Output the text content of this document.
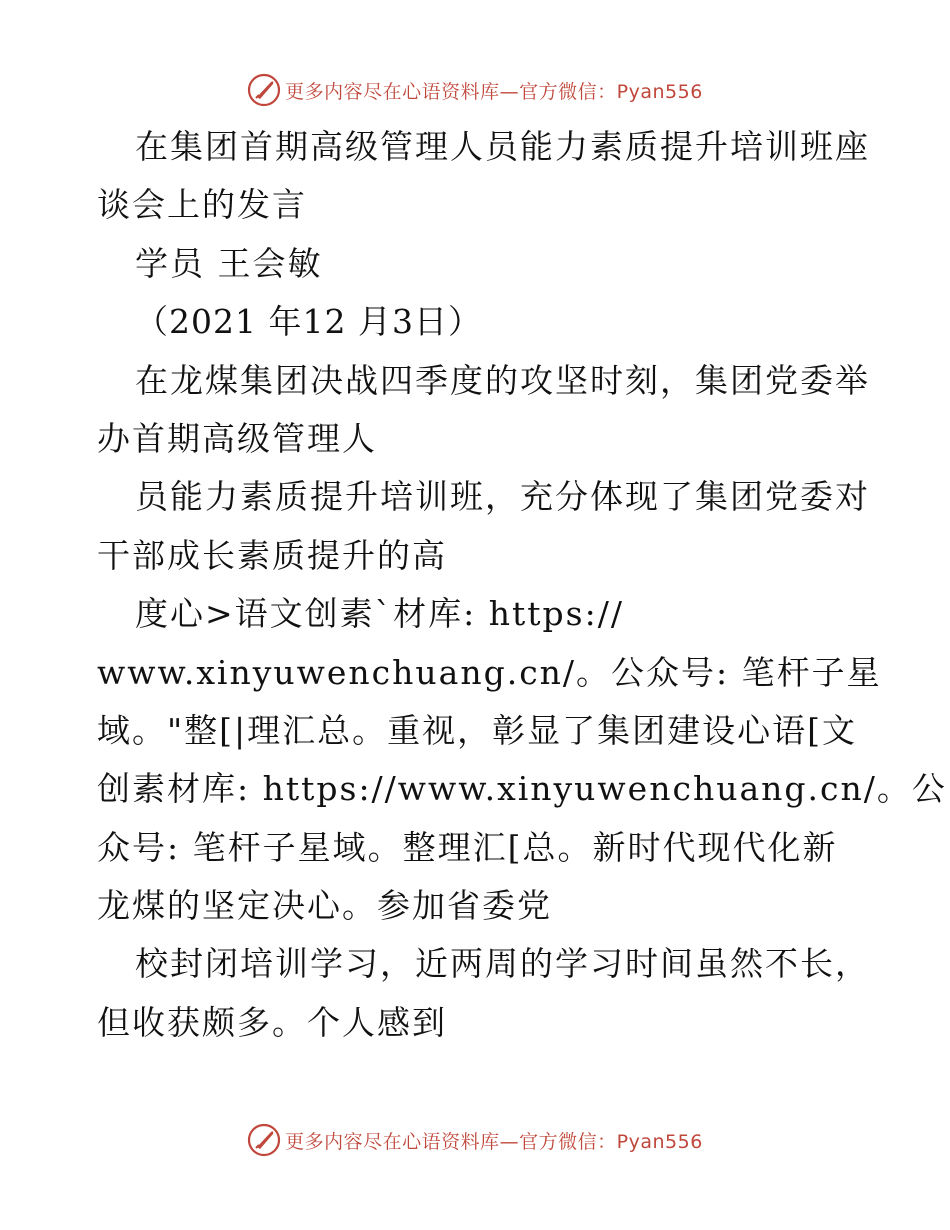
更多内容尽在心语资料库—官方微信：Pyan556
在集团首期高级管理人员能力素质提升培训班座
谈会上的发言
学员 王会敏
（2021 年12 月3日）
在龙煤集团决战四季度的攻坚时刻，集团党委举
办首期高级管理人
员能力素质提升培训班，充分体现了集团党委对
干部成长素质提升的高
度心>语文创素`材库: https://
www.xinyuwenchuang.cn/。公众号: 笔杆子星
域。"整[|理汇总。重视，彰显了集团建设心语[文
创素材库: https://www.xinyuwenchuang.cn/。公
众号: 笔杆子星域。整理汇[总。新时代现代化新
龙煤的坚定决心。参加省委党
校封闭培训学习，近两周的学习时间虽然不长，
但收获颇多。个人感到
更多内容尽在心语资料库—官方微信：Pyan556
